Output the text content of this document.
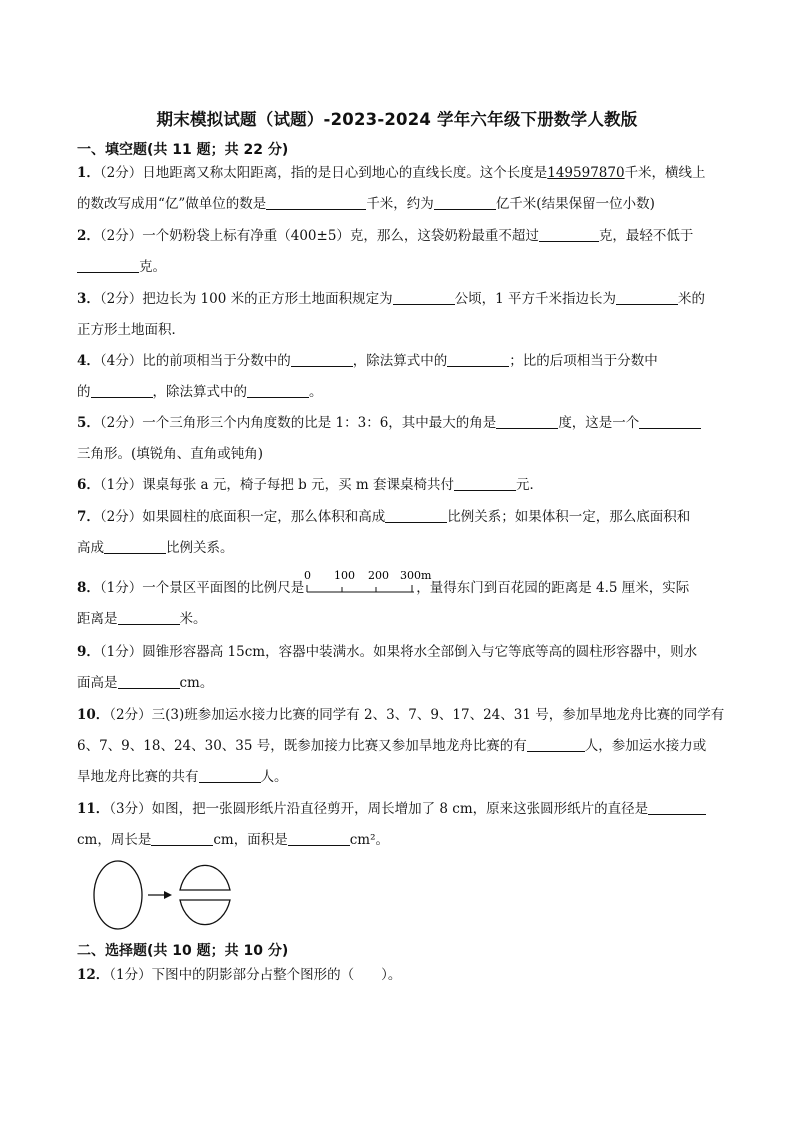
期末模拟试题（试题）-2023-2024 学年六年级下册数学人教版
一、填空题(共 11 题；共 22 分)
1．（2分）日地距离又称太阳距离，指的是日心到地心的直线长度。这个长度是149597870千米，横线上
的数改写成用“亿”做单位的数是	千米，约为	亿千米(结果保留一位小数)
2．（2分）一个奶粉袋上标有净重（400±5）克，那么，这袋奶粉最重不超过	克，最轻不低于
克。
3．（2分）把边长为 100 米的正方形土地面积规定为	公顷，1 平方千米指边长为	米的
正方形土地面积．
4．（4分）比的前项相当于分数中的	，除法算式中的	；比的后项相当于分数中
的	，除法算式中的	。
5．（2分）一个三角形三个内角度数的比是 1：3：6，其中最大的角是	度，这是一个
三角形。(填锐角、直角或钝角)
6．（1分）课桌每张 a 元，椅子每把 b 元，买 m 套课桌椅共付	元．
7．（2分）如果圆柱的底面积一定，那么体积和高成	比例关系；如果体积一定，那么底面积和
高成	比例关系。
8．（1分）一个景区平面图的比例尺是
0 100 200 300m
，量得东门到百花园的距离是 4.5 厘米，实际
距离是	米。
9．（1分）圆锥形容器高 15cm，容器中装满水。如果将水全部倒入与它等底等高的圆柱形容器中，则水
面高是	cm。
10．（2分）三(3)班参加运水接力比赛的同学有 2、3、7、9、17、24、31 号，参加旱地龙舟比赛的同学有
6、7、9、18、24、30、35 号，既参加接力比赛又参加旱地龙舟比赛的有	人，参加运水接力或
旱地龙舟比赛的共有	人。
11．（3分）如图，把一张圆形纸片沿直径剪开，周长增加了 8 cm，原来这张圆形纸片的直径是
cm，周长是	cm，面积是	cm²。
二、选择题(共 10 题；共 10 分)
12．（1分）下图中的阴影部分占整个图形的（　　）。
